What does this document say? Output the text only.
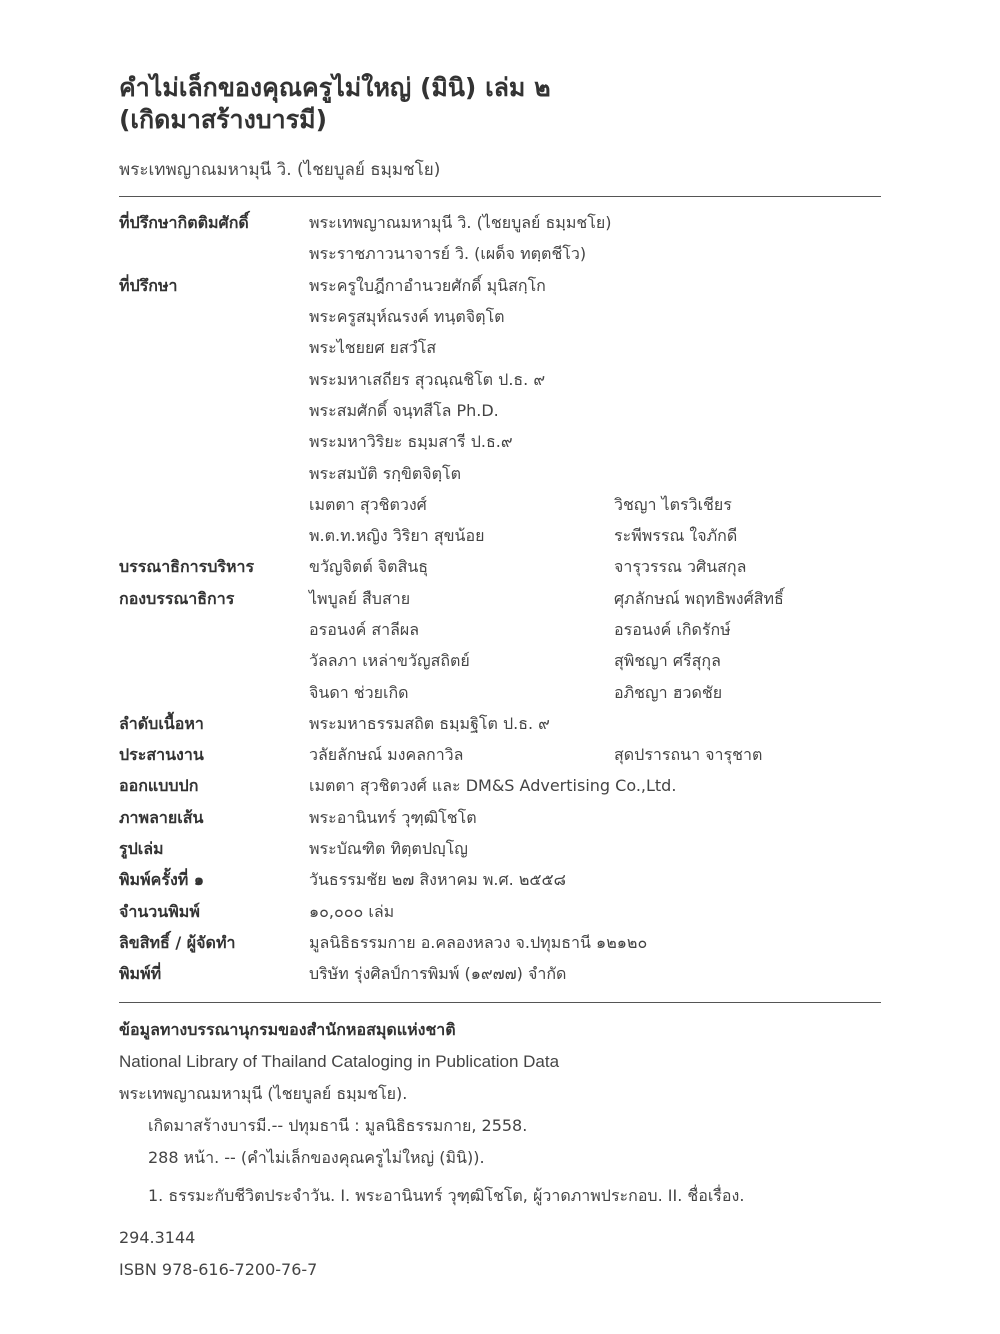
คำไม่เล็กของคุณครูไม่ใหญ่ (มินิ) เล่ม ๒
(เกิดมาสร้างบารมี)
พระเทพญาณมหามุนี วิ. (ไชยบูลย์ ธมฺมชโย)
ที่ปรึกษากิตติมศักดิ์	พระเทพญาณมหามุนี วิ. (ไชยบูลย์ ธมฺมชโย)
พระราชภาวนาจารย์ วิ. (เผด็จ ทตฺตชีโว)
ที่ปรึกษา	พระครูใบฎีกาอำนวยศักดิ์ มุนิสกฺโก
พระครูสมุห์ณรงค์ ทนฺตจิตฺโต
พระไชยยศ ยสวํโส
พระมหาเสถียร สุวณฺณชิโต ป.ธ. ๙
พระสมศักดิ์ จนฺทสีโล Ph.D.
พระมหาวิริยะ ธมฺมสารี ป.ธ.๙
พระสมบัติ รกฺขิตจิตฺโต
เมตตา สุวชิตวงศ์	วิชญา ไตรวิเชียร
พ.ต.ท.หญิง วิริยา สุขน้อย	ระพีพรรณ ใจภักดี
บรรณาธิการบริหาร	ขวัญจิตต์ จิตสินธุ	จารุวรรณ วศินสกุล
กองบรรณาธิการ	ไพบูลย์ สืบสาย	ศุภลักษณ์ พฤทธิพงศ์สิทธิ์
อรอนงค์ สาลีผล	อรอนงค์ เกิดรักษ์
วัลลภา เหล่าขวัญสถิตย์	สุพิชญา ศรีสุกุล
จินดา ช่วยเกิด	อภิชญา ฮวดชัย
ลำดับเนื้อหา	พระมหาธรรมสถิต ธมฺมฐิโต ป.ธ. ๙
ประสานงาน	วลัยลักษณ์ มงคลกาวิล	สุดปรารถนา จารุชาต
ออกแบบปก	เมตตา สุวชิตวงศ์ และ DM&S Advertising Co.,Ltd.
ภาพลายเส้น	พระอานินทร์ วุฑฺฒิโชโต
รูปเล่ม	พระบัณฑิต ทิตฺตปญฺโญ
พิมพ์ครั้งที่ ๑	วันธรรมชัย ๒๗ สิงหาคม พ.ศ. ๒๕๕๘
จำนวนพิมพ์	๑๐,๐๐๐ เล่ม
ลิขสิทธิ์ / ผู้จัดทำ	มูลนิธิธรรมกาย อ.คลองหลวง จ.ปทุมธานี ๑๒๑๒๐
พิมพ์ที่	บริษัท รุ่งศิลป์การพิมพ์ (๑๙๗๗) จำกัด
ข้อมูลทางบรรณานุกรมของสำนักหอสมุดแห่งชาติ
National Library of Thailand Cataloging in Publication Data
พระเทพญาณมหามุนี (ไชยบูลย์ ธมฺมชโย).
เกิดมาสร้างบารมี.-- ปทุมธานี : มูลนิธิธรรมกาย, 2558.
288 หน้า. -- (คำไม่เล็กของคุณครูไม่ใหญ่ (มินิ)).
1. ธรรมะกับชีวิตประจำวัน. I. พระอานินทร์ วุฑฺฒิโชโต, ผู้วาดภาพประกอบ. II. ชื่อเรื่อง.
294.3144
ISBN 978-616-7200-76-7
